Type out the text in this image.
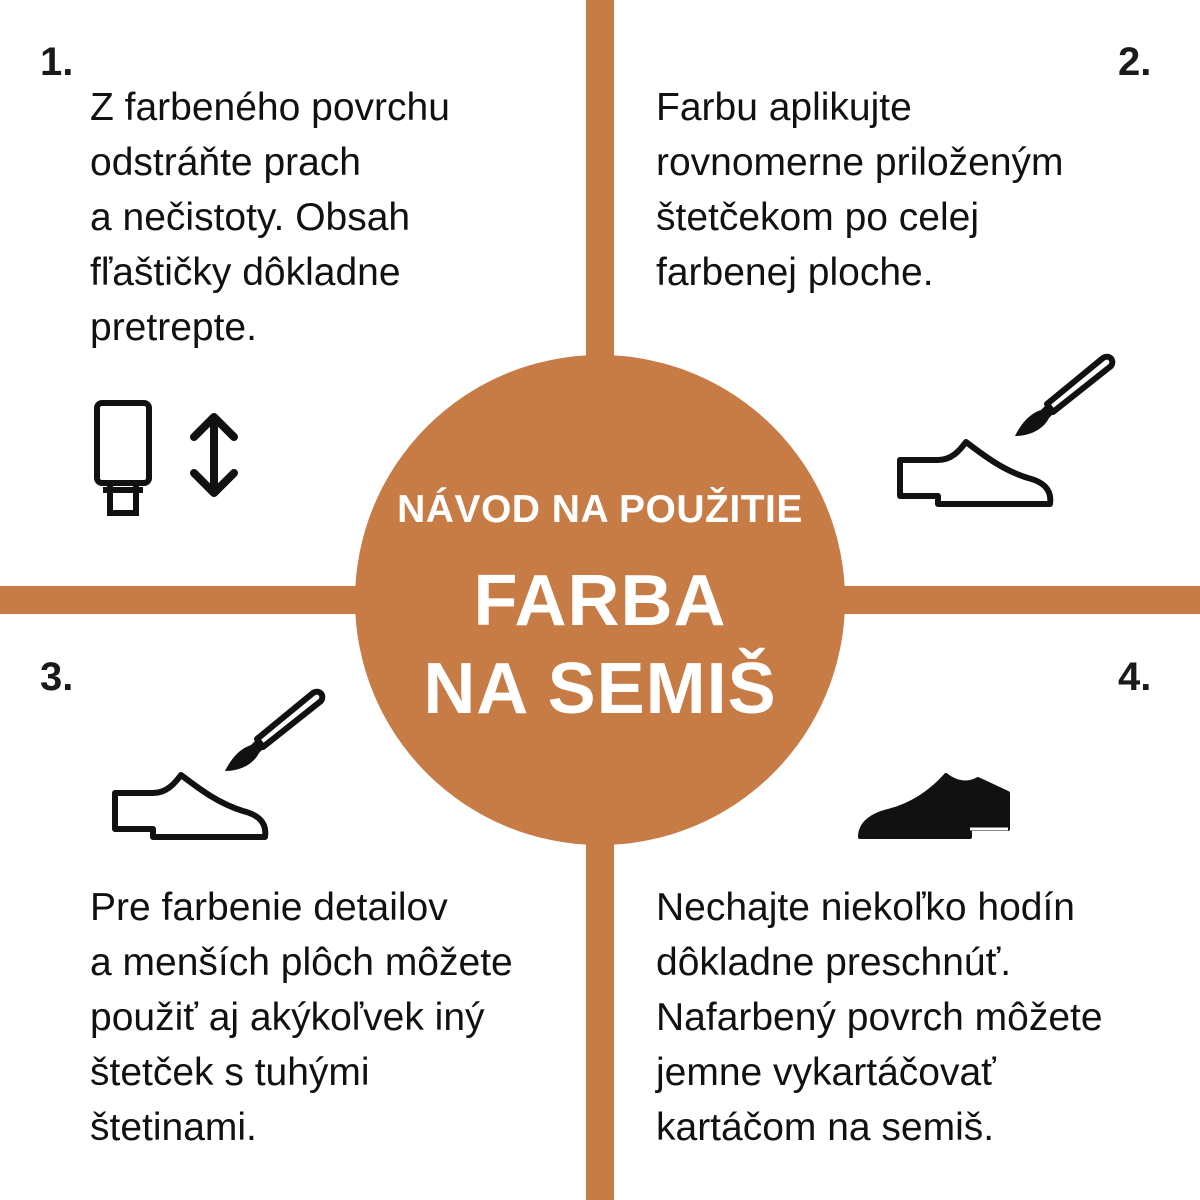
NÁVOD NA POUŽITIE
FARBA
NA SEMIŠ
1.
Z farbeného povrchu
odstráňte prach
a nečistoty. Obsah
fľaštičky dôkladne
pretrepte.
2.
Farbu aplikujte
rovnomerne priloženým
štetčekom po celej
farbenej ploche.
3.
Pre farbenie detailov
a menších plôch môžete
použiť aj akýkoľvek iný
štetček s tuhými
štetinami.
4.
Nechajte niekoľko hodín
dôkladne preschnúť.
Nafarbený povrch môžete
jemne vykartáčovať
kartáčom na semiš.
